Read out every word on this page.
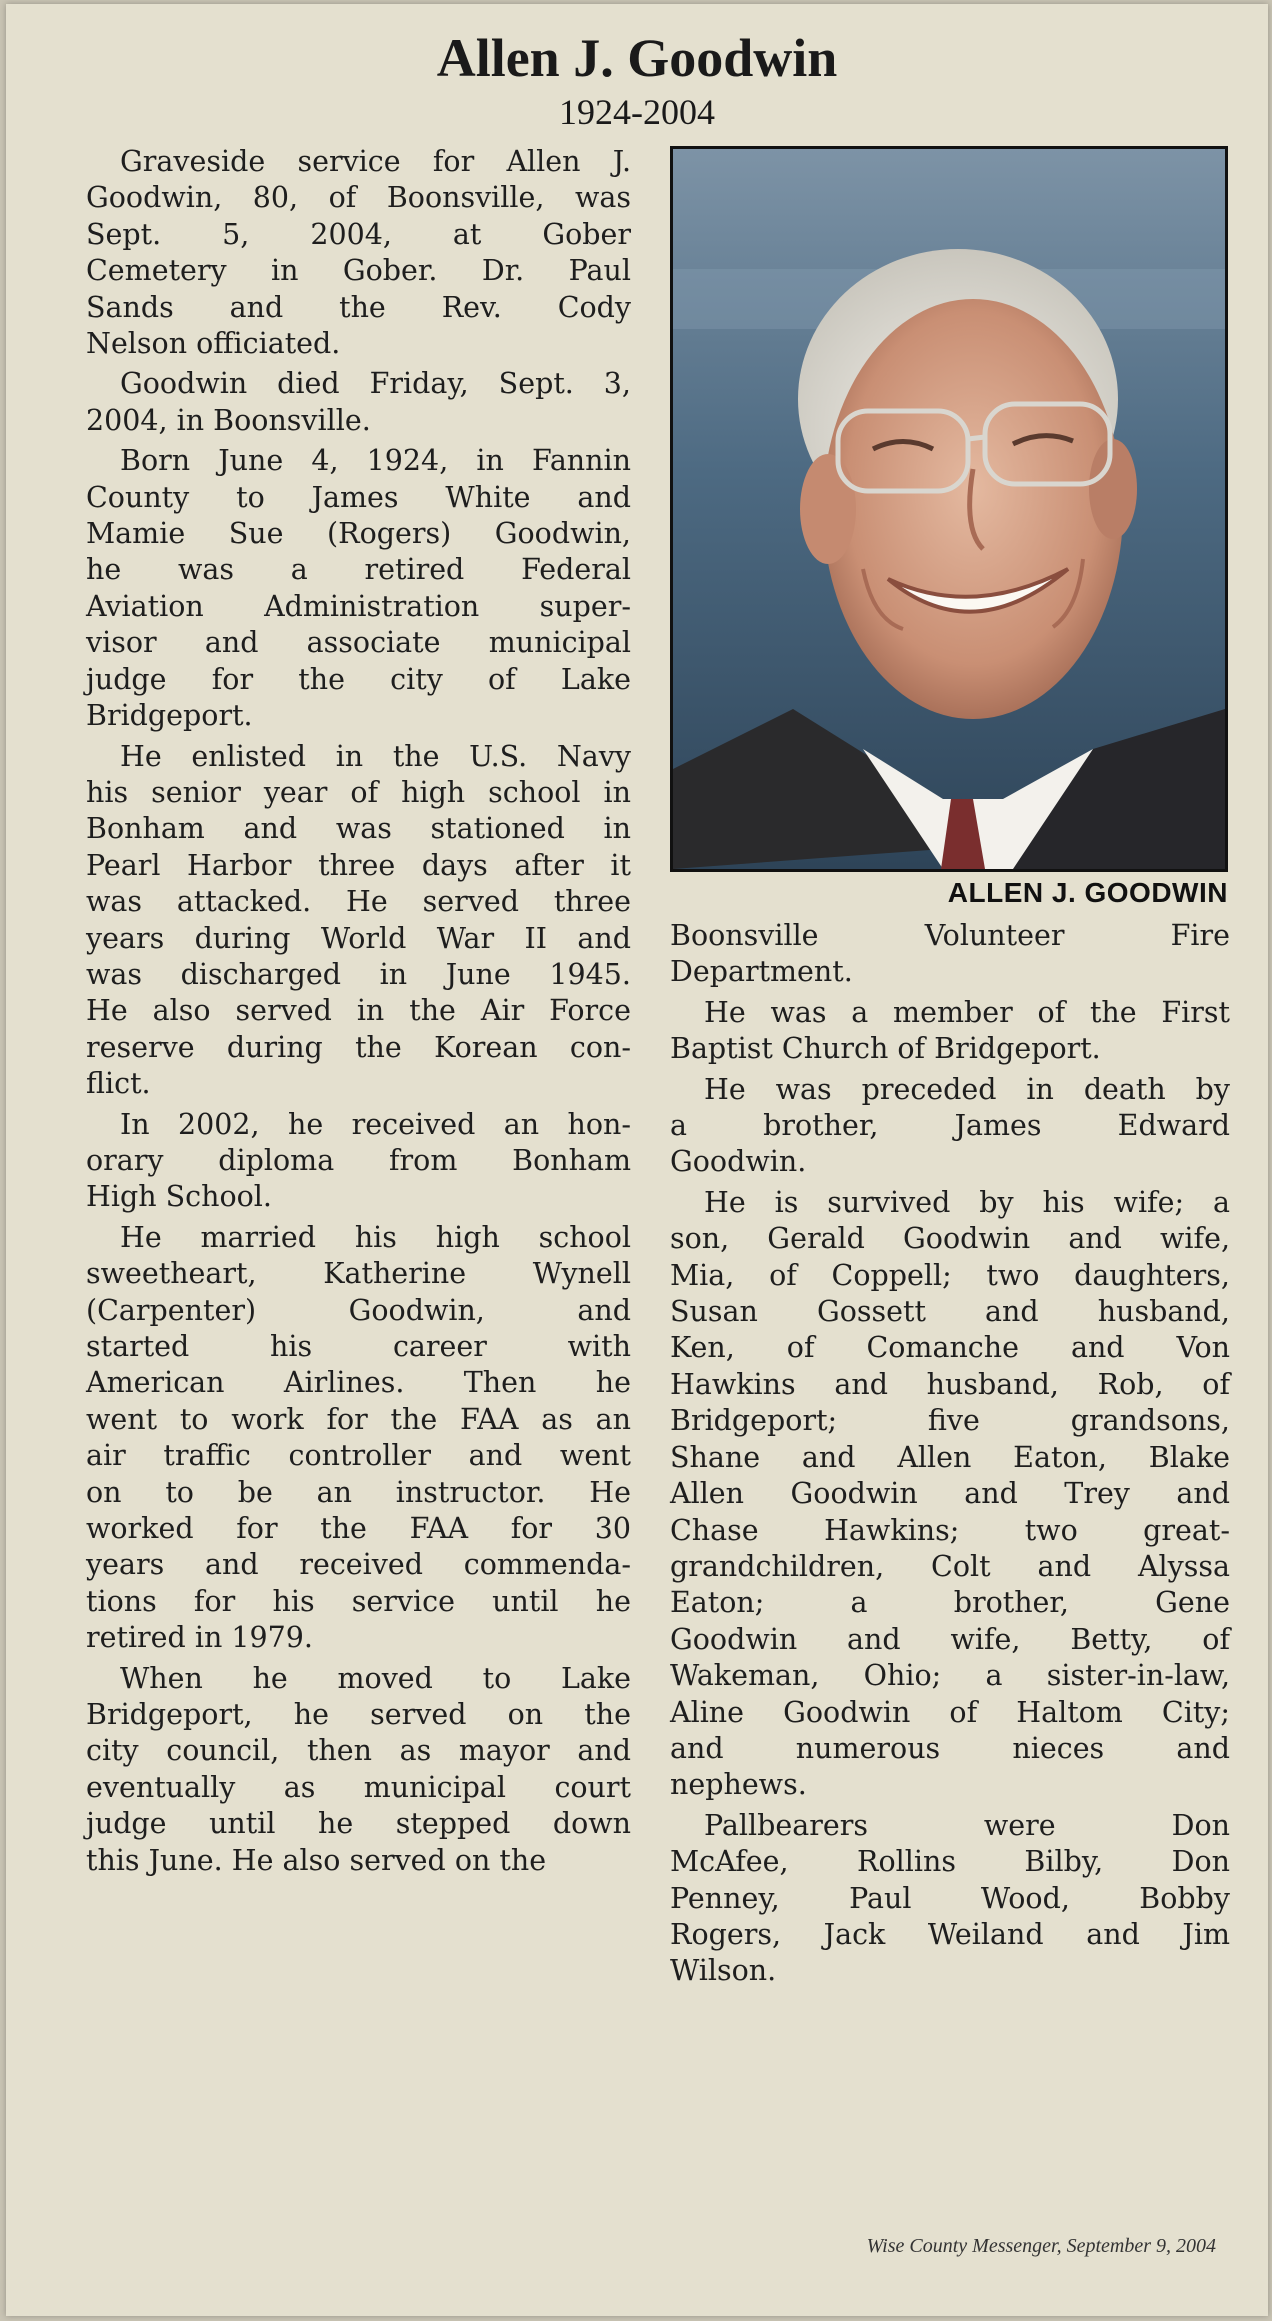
Allen J. Goodwin
1924-2004

Graveside service for Allen J.
Goodwin, 80, of Boonsville, was
Sept. 5, 2004, at Gober
Cemetery in Gober. Dr. Paul
Sands and the Rev. Cody
Nelson officiated.

Goodwin died Friday, Sept. 3,
2004, in Boonsville.

Born June 4, 1924, in Fannin
County to James White and
Mamie Sue (Rogers) Goodwin,
he was a retired Federal
Aviation Administration super-
visor and associate municipal
judge for the city of Lake
Bridgeport.

He enlisted in the U.S. Navy
his senior year of high school in
Bonham and was stationed in
Pearl Harbor three days after it
was attacked. He served three
years during World War II and
was discharged in June 1945.
He also served in the Air Force
reserve during the Korean con-
flict.

In 2002, he received an hon-
orary diploma from Bonham
High School.

He married his high school
sweetheart, Katherine Wynell
(Carpenter) Goodwin, and
started his career with
American Airlines. Then he
went to work for the FAA as an
air traffic controller and went
on to be an instructor. He
worked for the FAA for 30
years and received commenda-
tions for his service until he
retired in 1979.

When he moved to Lake
Bridgeport, he served on the
city council, then as mayor and
eventually as municipal court
judge until he stepped down
this June. He also served on the

ALLEN J. GOODWIN

Boonsville Volunteer Fire
Department.

He was a member of the First
Baptist Church of Bridgeport.

He was preceded in death by
a brother, James Edward
Goodwin.

He is survived by his wife; a
son, Gerald Goodwin and wife,
Mia, of Coppell; two daughters,
Susan Gossett and husband,
Ken, of Comanche and Von
Hawkins and husband, Rob, of
Bridgeport; five grandsons,
Shane and Allen Eaton, Blake
Allen Goodwin and Trey and
Chase Hawkins; two great-
grandchildren, Colt and Alyssa
Eaton; a brother, Gene
Goodwin and wife, Betty, of
Wakeman, Ohio; a sister-in-law,
Aline Goodwin of Haltom City;
and numerous nieces and
nephews.

Pallbearers were Don
McAfee, Rollins Bilby, Don
Penney, Paul Wood, Bobby
Rogers, Jack Weiland and Jim
Wilson.

Wise County Messenger, September 9, 2004
